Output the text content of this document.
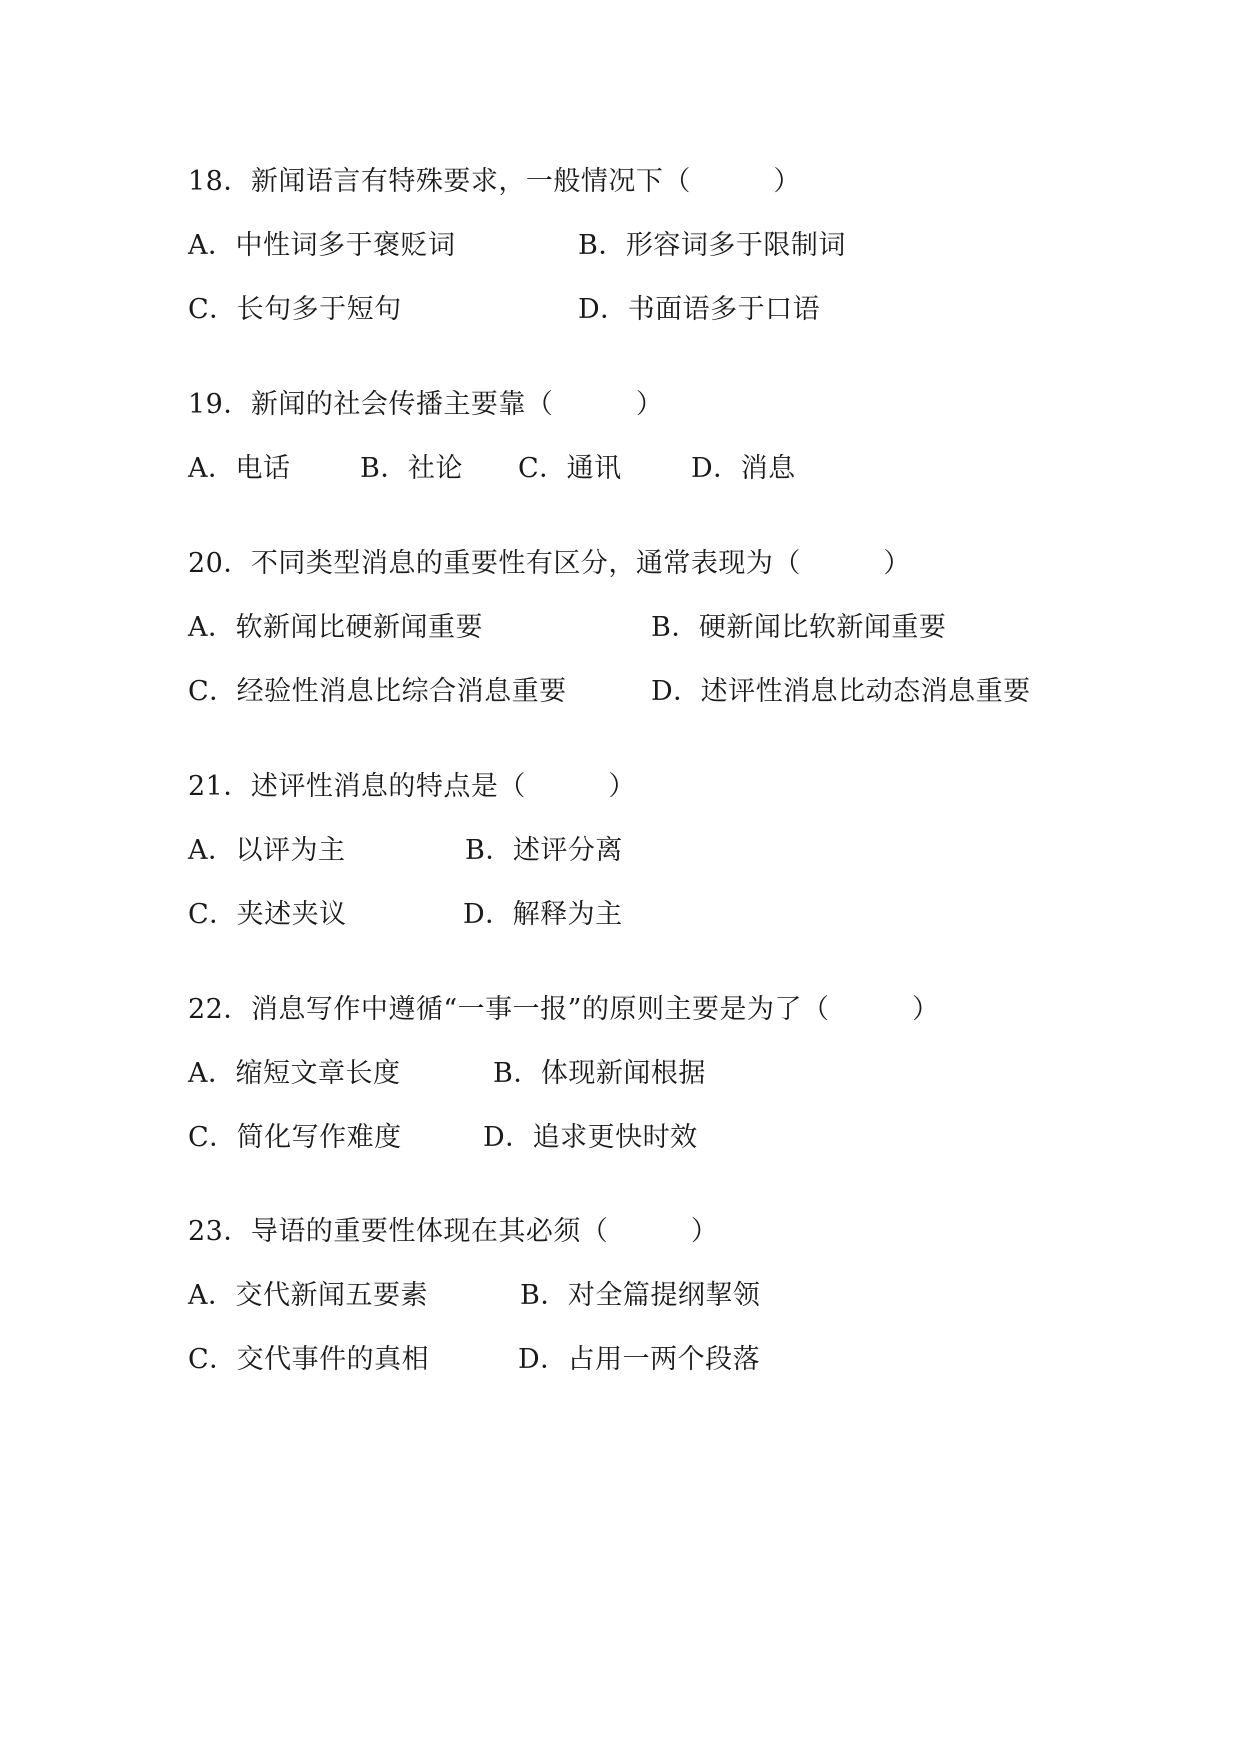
18．新闻语言有特殊要求，一般情况下（　　　）

A．中性词多于褒贬词

	B．形容词多于限制词

C．长句多于短句

	D．书面语多于口语

19．新闻的社会传播主要靠（　　　）

A．电话

	B．社论

C．通讯

	D．消息

20．不同类型消息的重要性有区分，通常表现为（　　　）

A．软新闻比硬新闻重要

	B．硬新闻比软新闻重要

C．经验性消息比综合消息重要

	D．述评性消息比动态消息重要

21．述评性消息的特点是（　　　）

A．以评为主

	B．述评分离

C．夹述夹议

	D．解释为主

22．消息写作中遵循“一事一报”的原则主要是为了（　　　）

A．缩短文章长度

	B．体现新闻根据

C．简化写作难度

	D．追求更快时效

23．导语的重要性体现在其必须（　　　）

A．交代新闻五要素

	B．对全篇提纲挈领

C．交代事件的真相

	D．占用一两个段落
